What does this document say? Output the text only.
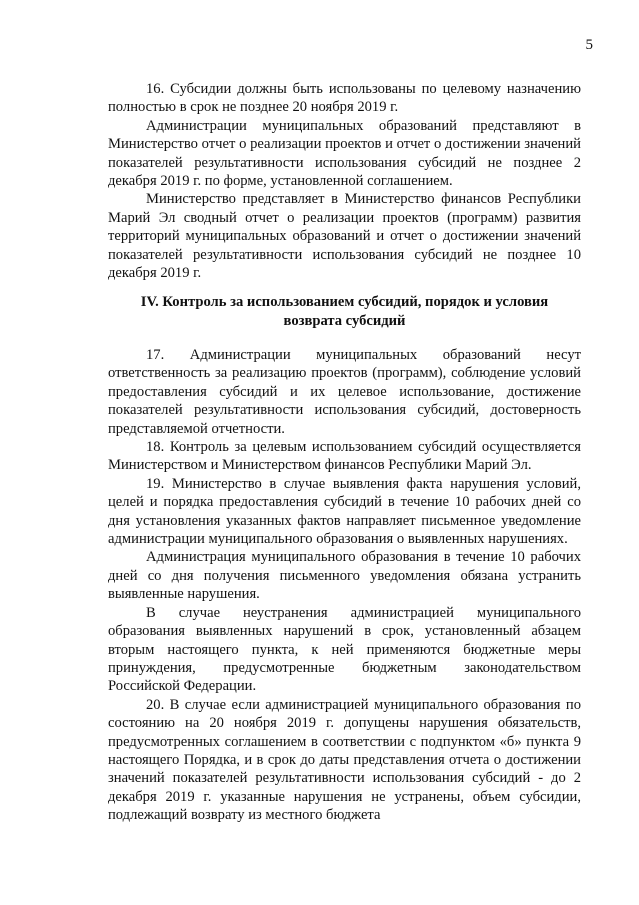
5

16. Субсидии должны быть использованы по целевому назначению полностью в срок не позднее 20 ноября 2019 г.

Администрации муниципальных образований представляют в Министерство отчет о реализации проектов и отчет о достижении значений показателей результативности использования субсидий не позднее 2 декабря 2019 г. по форме, установленной соглашением.

Министерство представляет в Министерство финансов Республики Марий Эл сводный отчет о реализации проектов (программ) развития территорий муниципальных образований и отчет о достижении значений показателей результативности использования субсидий не позднее 10 декабря 2019 г.

IV. Контроль за использованием субсидий, порядок и условия
возврата субсидий

17. Администрации муниципальных образований несут ответственность за реализацию проектов (программ), соблюдение условий предоставления субсидий и их целевое использование, достижение показателей результативности использования субсидий, достоверность представляемой отчетности.

18. Контроль за целевым использованием субсидий осуществляется Министерством и Министерством финансов Республики Марий Эл.

19. Министерство в случае выявления факта нарушения условий, целей и порядка предоставления субсидий в течение 10 рабочих дней со дня установления указанных фактов направляет письменное уведомление администрации муниципального образования о выявленных нарушениях.

Администрация муниципального образования в течение 10 рабочих дней со дня получения письменного уведомления обязана устранить выявленные нарушения.

В случае неустранения администрацией муниципального образования выявленных нарушений в срок, установленный абзацем вторым настоящего пункта, к ней применяются бюджетные меры принуждения, предусмотренные бюджетным законодательством Российской Федерации.

20. В случае если администрацией муниципального образования по состоянию на 20 ноября 2019 г. допущены нарушения обязательств, предусмотренных соглашением в соответствии с подпунктом «б» пункта 9 настоящего Порядка, и в срок до даты представления отчета о достижении значений показателей результативности использования субсидий - до 2 декабря 2019 г. указанные нарушения не устранены, объем субсидии, подлежащий возврату из местного бюджета
